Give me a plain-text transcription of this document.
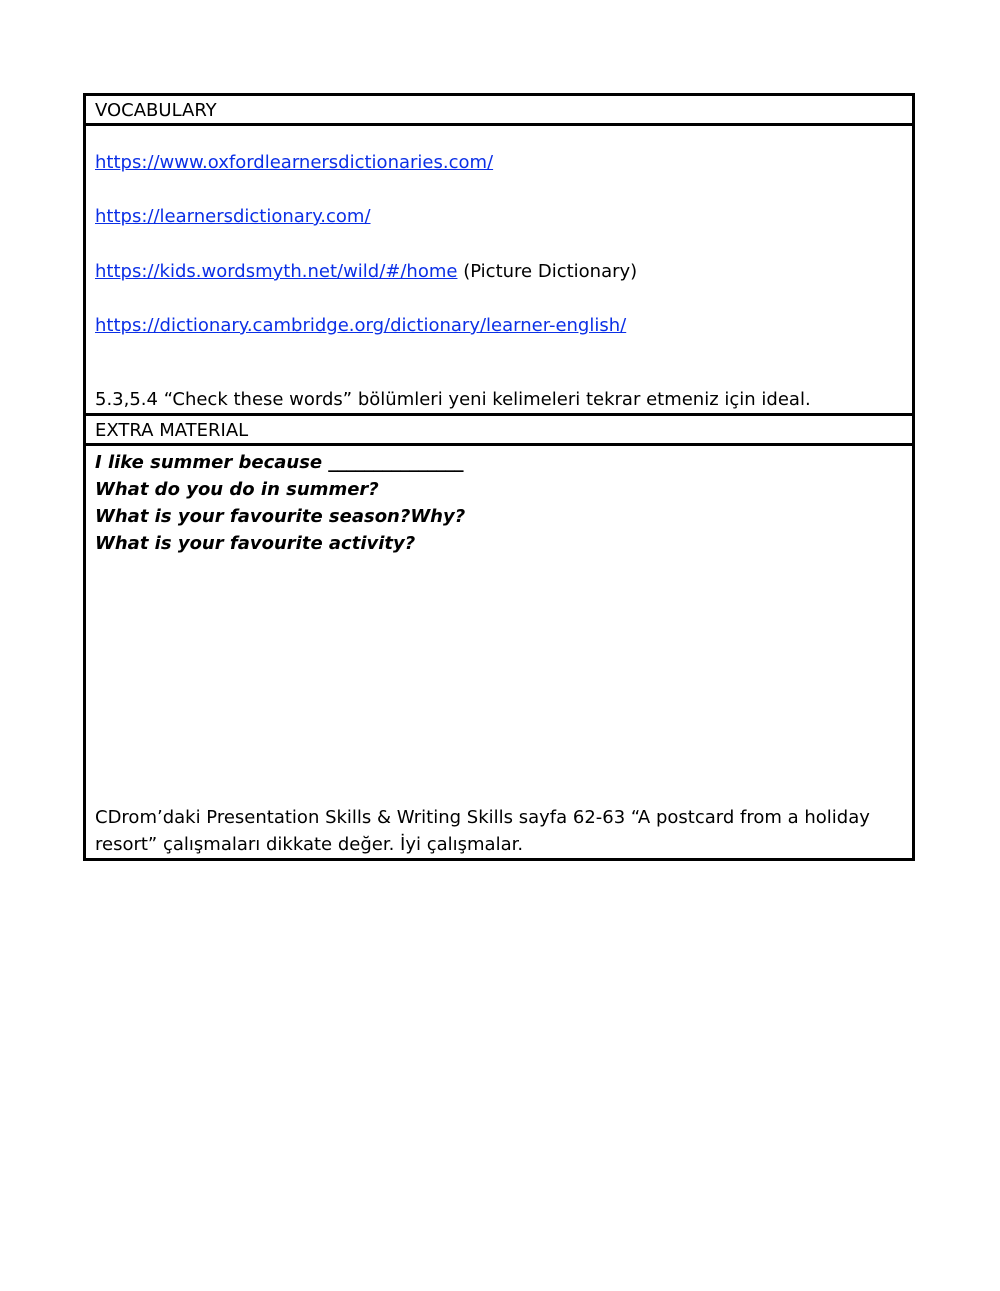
VOCABULARY
https://www.oxfordlearnersdictionaries.com/
https://learnersdictionary.com/
https://kids.wordsmyth.net/wild/#/home (Picture Dictionary)
https://dictionary.cambridge.org/dictionary/learner-english/
5.3,5.4 “Check these words” bölümleri yeni kelimeleri tekrar etmeniz için ideal.
EXTRA MATERIAL

I like summer because _______________

What do you do in summer?

What is your favourite season?Why?

What is your favourite activity?

CDrom’daki Presentation Skills & Writing Skills sayfa 62-63 “A postcard from a holiday resort” çalışmaları dikkate değer. İyi çalışmalar.
